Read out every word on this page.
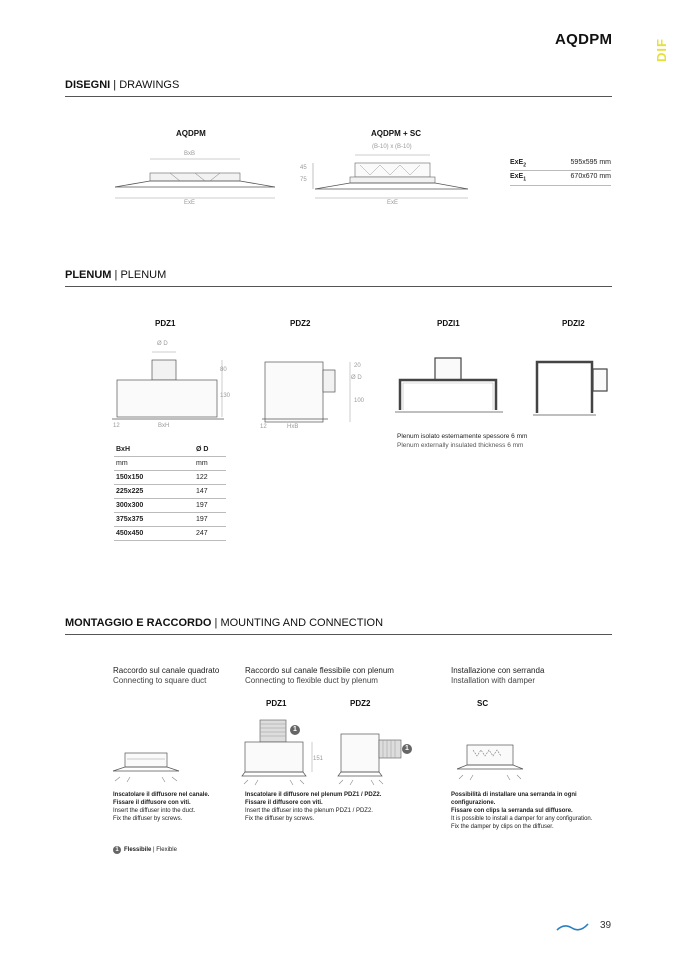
AQDPM	DIF
DISEGNI | DRAWINGS
AQDPM	AQDPM + SC
BxB
ExE
(B-10) x (B-10)
45
75
ExE
ExE$_2$	595x595 mm
ExE$_1$	670x670 mm
PLENUM | PLENUM
PDZ1	PDZ2	PDZI1	PDZI2
Ø D
80
130
12	BxH
20
Ø D
100
12	HxB
Plenum isolato esternamente spessore 6 mm
Plenum externally insulated thickness 6 mm
BxH	Ø D
mm	mm
150x150	122
225x225	147
300x300	197
375x375	197
450x450	247
MONTAGGIO E RACCORDO | MOUNTING AND CONNECTION
Raccordo sul canale quadrato
Connecting to square duct
Raccordo sul canale flessibile con plenum
Connecting to flexible duct by plenum
Installazione con serranda
Installation with damper
PDZ1	PDZ2	SC
1
151
1
Inscatolare il diffusore nel canale.
Fissare il diffusore con viti.
Insert the diffuser into the duct.
Fix the diffuser by screws.
Inscatolare il diffusore nel plenum PDZ1 / PDZ2.
Fissare il diffusore con viti.
Insert the diffuser into the plenum PDZ1 / PDZ2.
Fix the diffuser by screws.
Possibilità di installare una serranda in ogni
configurazione.
Fissare con clips la serranda sul diffusore.
It is possible to install a damper for any configuration.
Fix the damper by clips on the diffuser.
1 Flessibile | Flexible
39
